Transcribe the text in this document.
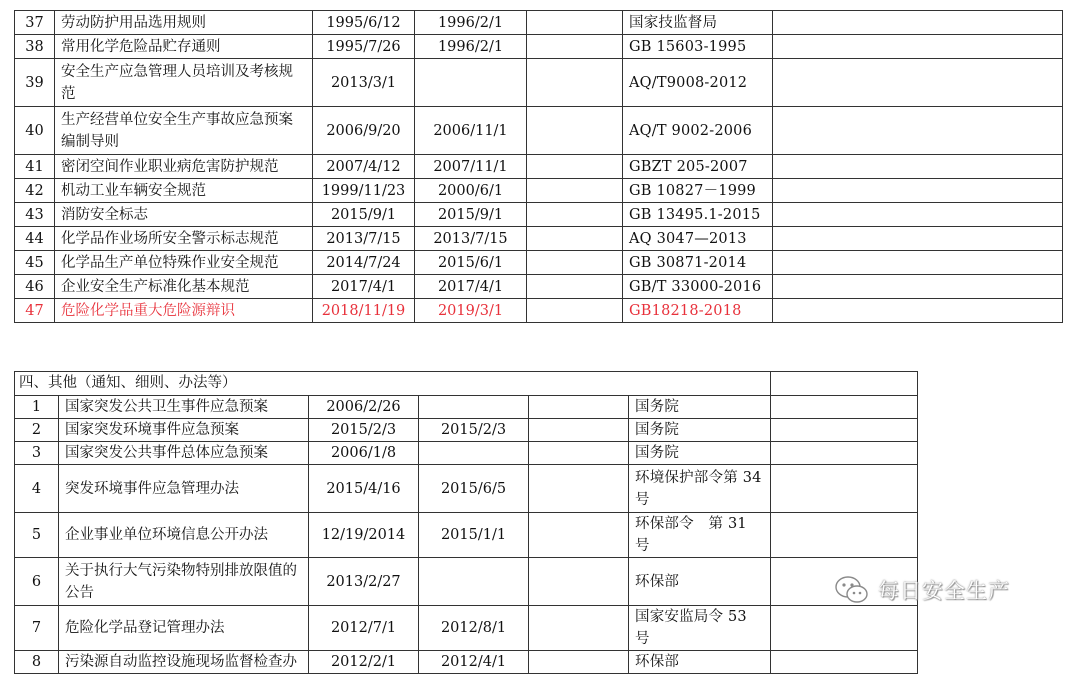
37	劳动防护用品选用规则	1995/6/12	1996/2/1		国家技监督局	
38	常用化学危险品贮存通则	1995/7/26	1996/2/1		GB 15603-1995	
39	安全生产应急管理人员培训及考核规范	2013/3/1			AQ/T9008-2012	
40	生产经营单位安全生产事故应急预案编制导则	2006/9/20	2006/11/1		AQ/T 9002-2006	
41	密闭空间作业职业病危害防护规范	2007/4/12	2007/11/1		GBZT 205-2007	
42	机动工业车辆安全规范	1999/11/23	2000/6/1		GB 10827－1999	
43	消防安全标志	2015/9/1	2015/9/1		GB 13495.1-2015	
44	化学品作业场所安全警示标志规范	2013/7/15	2013/7/15		AQ 3047—2013	
45	化学品生产单位特殊作业安全规范	2014/7/24	2015/6/1		GB 30871-2014	
46	企业安全生产标准化基本规范	2017/4/1	2017/4/1		GB/T 33000-2016	
47	危险化学品重大危险源辩识	2018/11/19	2019/3/1		GB18218-2018	
四、其他（通知、细则、办法等）						
1	国家突发公共卫生事件应急预案	2006/2/26			国务院	
2	国家突发环境事件应急预案	2015/2/3	2015/2/3		国务院	
3	国家突发公共事件总体应急预案	2006/1/8			国务院	
4	突发环境事件应急管理办法	2015/4/16	2015/6/5		环境保护部令第 34 号	
5	企业事业单位环境信息公开办法	12/19/2014	2015/1/1		环保部令　第 31 号	
6	关于执行大气污染物特别排放限值的公告	2013/2/27			环保部	
7	危险化学品登记管理办法	2012/7/1	2012/8/1		国家安监局令 53 号	
8	污染源自动监控设施现场监督检查办	2012/2/1	2012/4/1		环保部	
每日安全生产
